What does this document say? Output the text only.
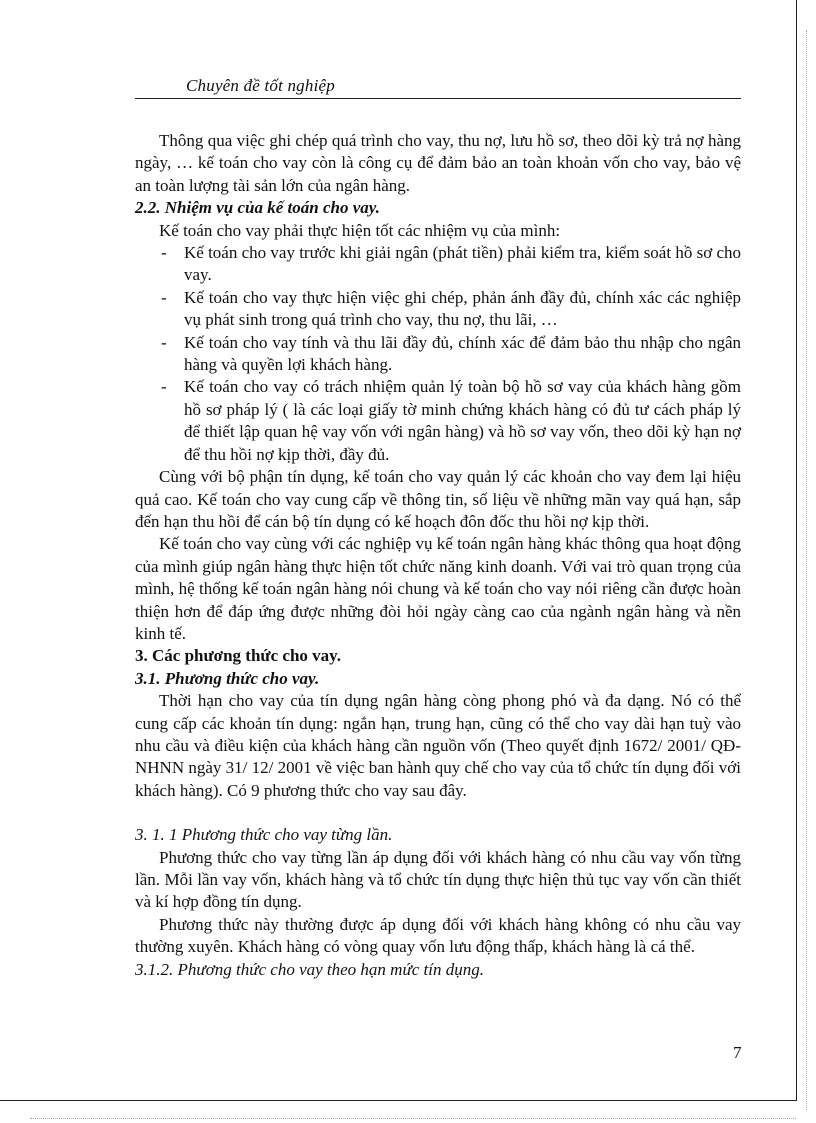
Chuyên đề tốt nghiệp

Thông qua việc ghi chép quá trình cho vay, thu nợ, lưu hồ sơ, theo dõi kỳ trả nợ hàng ngày, … kế toán cho vay còn là công cụ để đảm bảo an toàn khoản vốn cho vay, bảo vệ an toàn lượng tài sản lớn của ngân hàng.

2.2. Nhiệm vụ của kế toán cho vay.

Kế toán cho vay phải thực hiện tốt các nhiệm vụ của mình:

- Kế toán cho vay trước khi giải ngân (phát tiền) phải kiểm tra, kiểm soát hồ sơ cho vay.
- Kế toán cho vay thực hiện việc ghi chép, phản ánh đầy đủ, chính xác các nghiệp vụ phát sinh trong quá trình cho vay, thu nợ, thu lãi, …
- Kế toán cho vay tính và thu lãi đầy đủ, chính xác để đảm bảo thu nhập cho ngân hàng và quyền lợi khách hàng.
- Kế toán cho vay có trách nhiệm quản lý toàn bộ hồ sơ vay của khách hàng gồm hồ sơ pháp lý ( là các loại giấy tờ minh chứng khách hàng có đủ tư cách pháp lý để thiết lập quan hệ vay vốn với ngân hàng) và hồ sơ vay vốn, theo dõi kỳ hạn nợ để thu hồi nợ kịp thời, đầy đủ.

Cùng với bộ phận tín dụng, kế toán cho vay quản lý các khoản cho vay đem lại hiệu quả cao. Kế toán cho vay cung cấp về thông tin, số liệu về những mãn vay quá hạn, sắp đến hạn thu hồi để cán bộ tín dụng có kế hoạch đôn đốc thu hồi nợ kịp thời.

Kế toán cho vay cùng với các nghiệp vụ kế toán ngân hàng khác thông qua hoạt động của mình giúp ngân hàng thực hiện tốt chức năng kinh doanh. Với vai trò quan trọng của mình, hệ thống kế toán ngân hàng nói chung và kế toán cho vay nói riêng cần được hoàn thiện hơn để đáp ứng được những đòi hỏi ngày càng cao của ngành ngân hàng và nền kinh tế.

3. Các phương thức cho vay.

3.1. Phương thức cho vay.

Thời hạn cho vay của tín dụng ngân hàng còng phong phó và đa dạng. Nó có thể cung cấp các khoản tín dụng: ngắn hạn, trung hạn, cũng có thể cho vay dài hạn tuỳ vào nhu cầu và điều kiện của khách hàng cần nguồn vốn (Theo quyết định 1672/ 2001/ QĐ-NHNN ngày 31/ 12/ 2001 về việc ban hành quy chế cho vay của tổ chức tín dụng đối với khách hàng). Có 9 phương thức cho vay sau đây.

3. 1. 1 Phương thức cho vay từng lần.

Phương thức cho vay từng lần áp dụng đối với khách hàng có nhu cầu vay vốn từng lần. Mỗi lần vay vốn, khách hàng và tổ chức tín dụng thực hiện thủ tục vay vốn cần thiết và kí hợp đồng tín dụng.

Phương thức này thường được áp dụng đối với khách hàng không có nhu cầu vay thường xuyên. Khách hàng có vòng quay vốn lưu động thấp, khách hàng là cá thể.

3.1.2. Phương thức cho vay theo hạn mức tín dụng.

7
